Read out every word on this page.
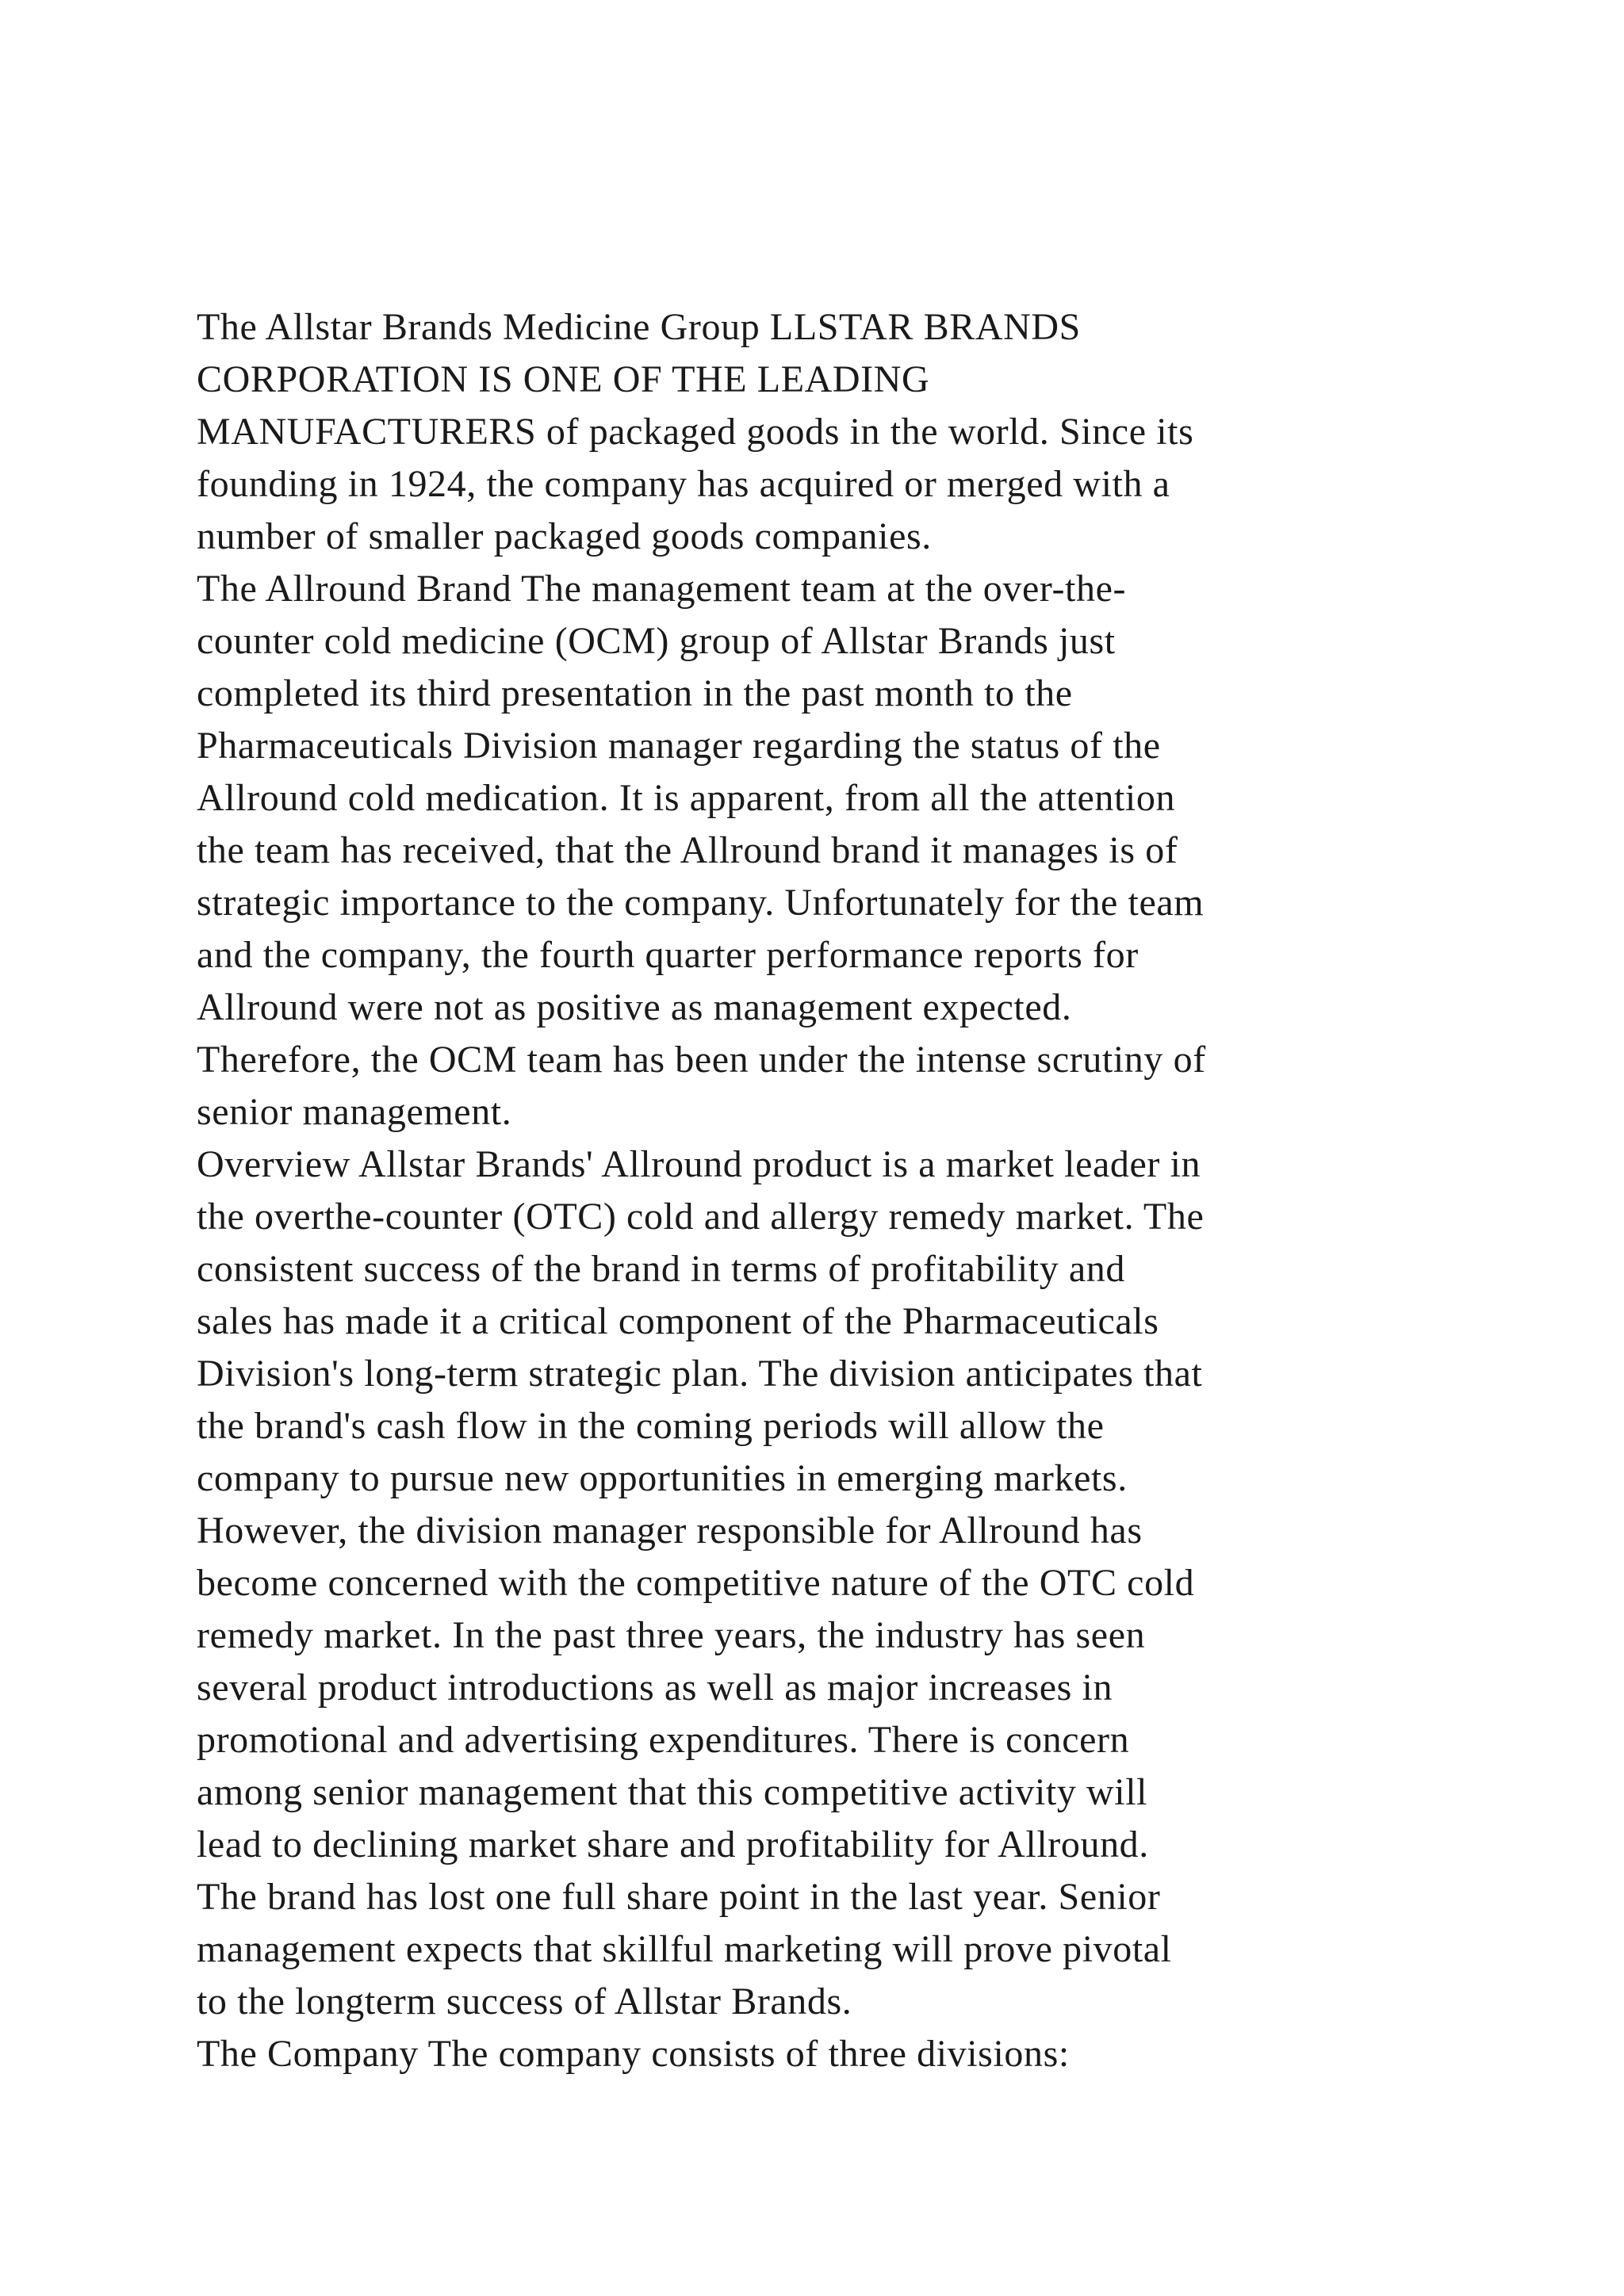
The Allstar Brands Medicine Group LLSTAR BRANDS
CORPORATION IS ONE OF THE LEADING
MANUFACTURERS of packaged goods in the world. Since its
founding in 1924, the company has acquired or merged with a
number of smaller packaged goods companies.
The Allround Brand The management team at the over-the-
counter cold medicine (OCM) group of Allstar Brands just
completed its third presentation in the past month to the
Pharmaceuticals Division manager regarding the status of the
Allround cold medication. It is apparent, from all the attention
the team has received, that the Allround brand it manages is of
strategic importance to the company. Unfortunately for the team
and the company, the fourth quarter performance reports for
Allround were not as positive as management expected.
Therefore, the OCM team has been under the intense scrutiny of
senior management.
Overview Allstar Brands' Allround product is a market leader in
the overthe-counter (OTC) cold and allergy remedy market. The
consistent success of the brand in terms of profitability and
sales has made it a critical component of the Pharmaceuticals
Division's long-term strategic plan. The division anticipates that
the brand's cash flow in the coming periods will allow the
company to pursue new opportunities in emerging markets.
However, the division manager responsible for Allround has
become concerned with the competitive nature of the OTC cold
remedy market. In the past three years, the industry has seen
several product introductions as well as major increases in
promotional and advertising expenditures. There is concern
among senior management that this competitive activity will
lead to declining market share and profitability for Allround.
The brand has lost one full share point in the last year. Senior
management expects that skillful marketing will prove pivotal
to the longterm success of Allstar Brands.
The Company The company consists of three divisions:
